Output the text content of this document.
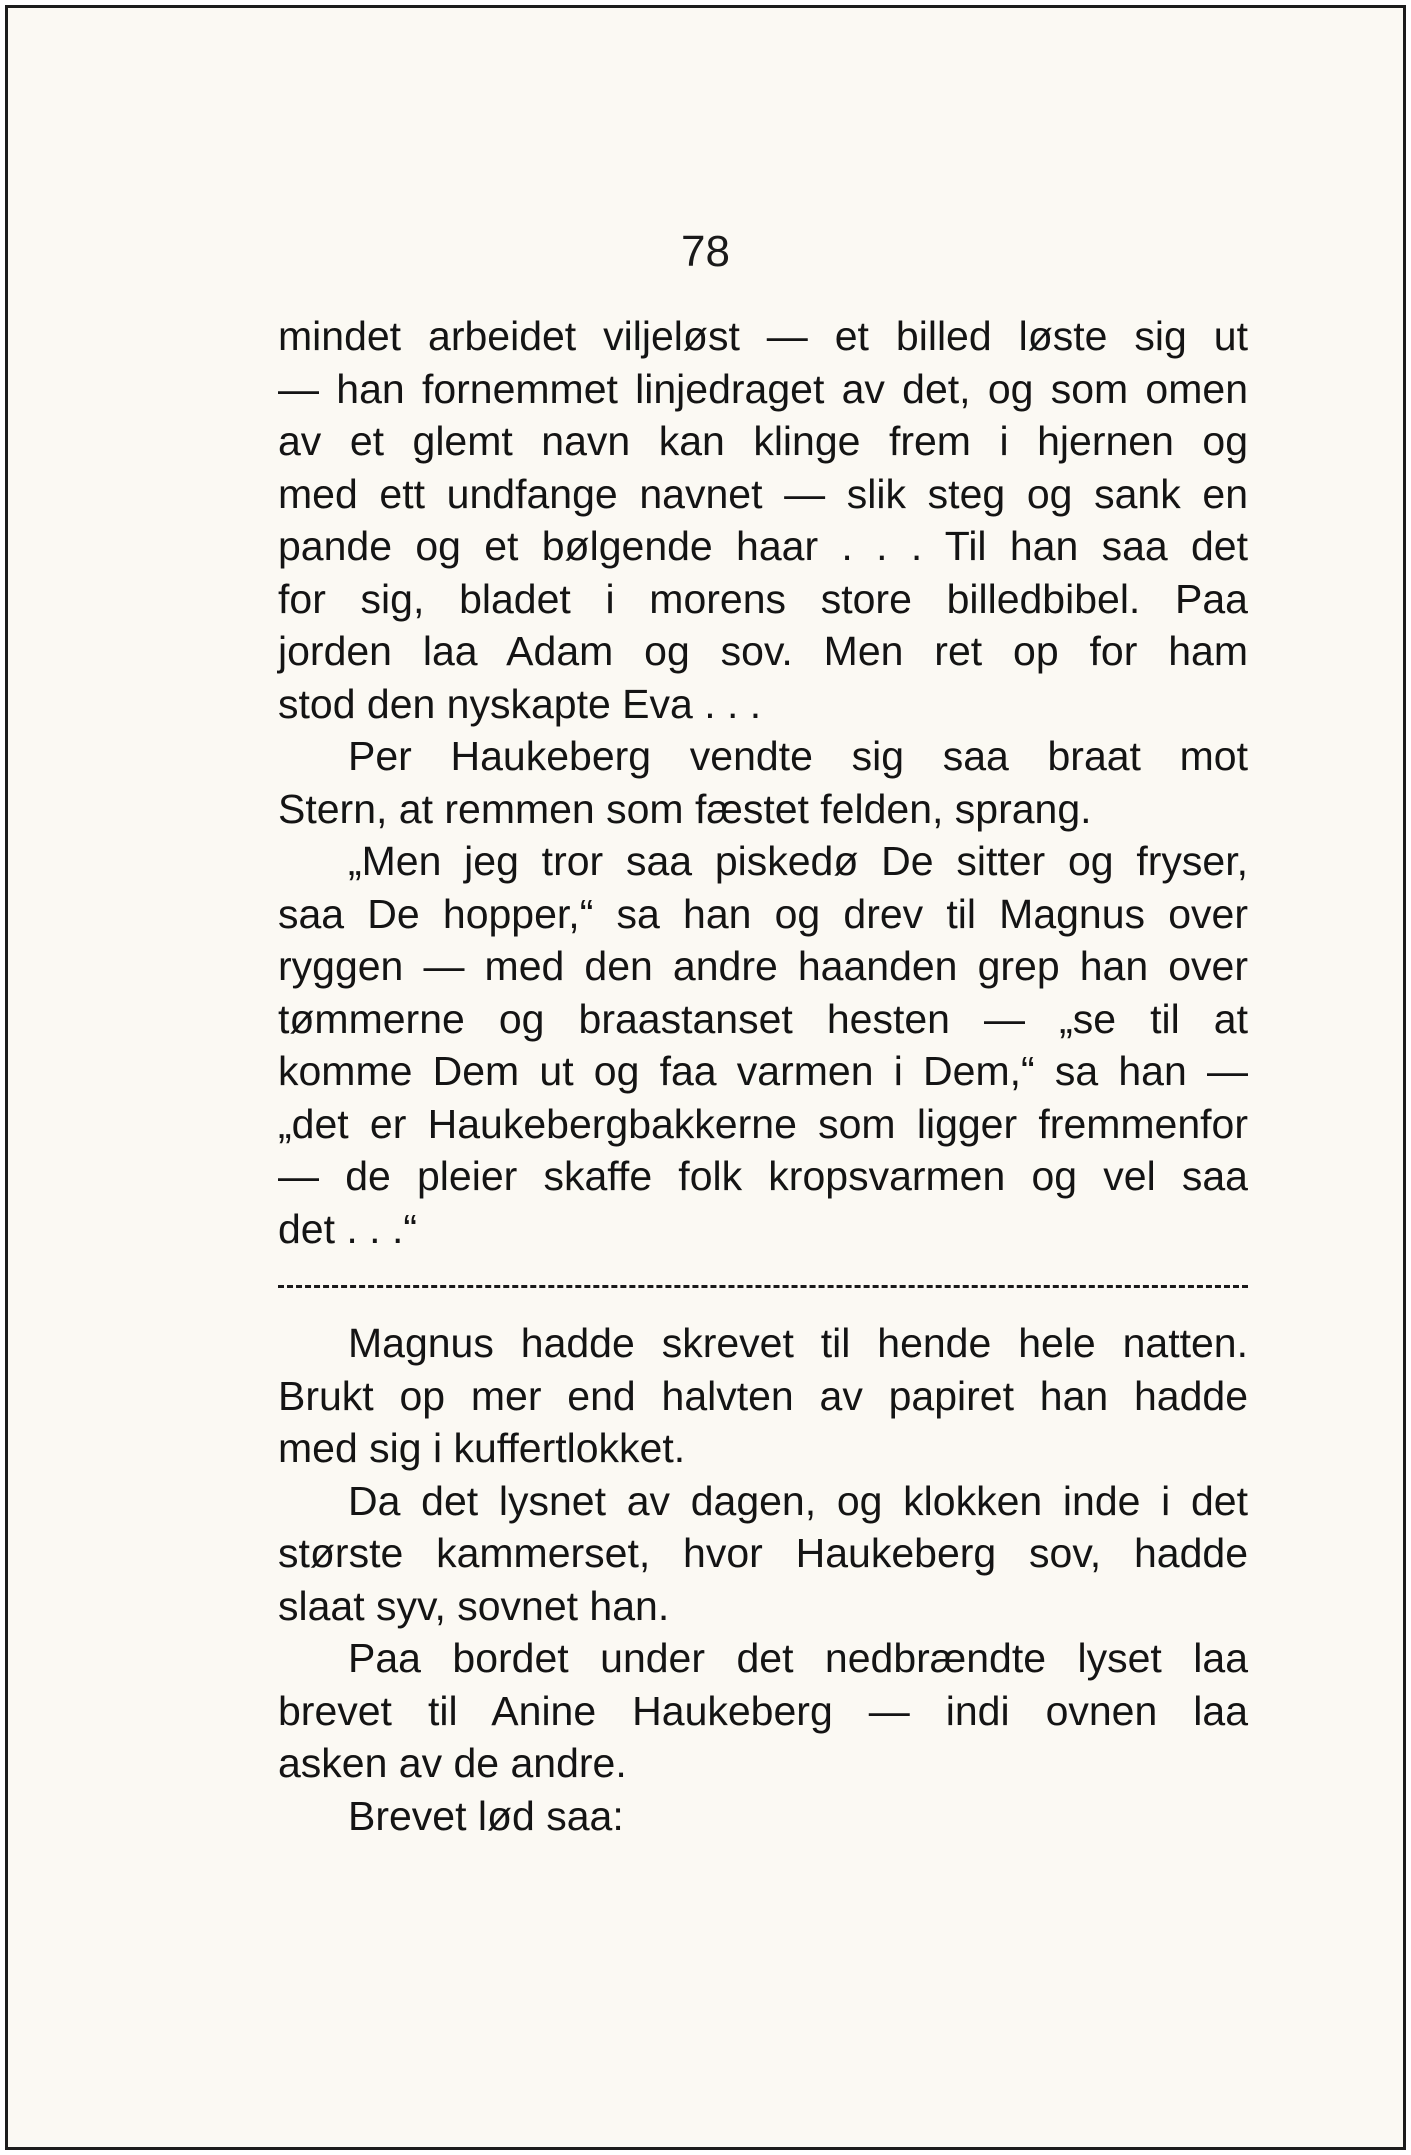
78
mindet arbeidet viljeløst — et billed løste sig ut
— han fornemmet linjedraget av det, og som omen
av et glemt navn kan klinge frem i hjernen og
med ett undfange navnet — slik steg og sank en
pande og et bølgende haar . . . Til han saa det
for sig, bladet i morens store billedbibel. Paa
jorden laa Adam og sov. Men ret op for ham
stod den nyskapte Eva . . .
Per Haukeberg vendte sig saa braat mot
Stern, at remmen som fæstet felden, sprang.
„Men jeg tror saa piskedø De sitter og fryser,
saa De hopper,“ sa han og drev til Magnus over
ryggen — med den andre haanden grep han over
tømmerne og braastanset hesten — „se til at
komme Dem ut og faa varmen i Dem,“ sa han —
„det er Haukebergbakkerne som ligger fremmenfor
— de pleier skaffe folk kropsvarmen og vel saa
det . . .“
Magnus hadde skrevet til hende hele natten.
Brukt op mer end halvten av papiret han hadde
med sig i kuffertlokket.
Da det lysnet av dagen, og klokken inde i det
største kammerset, hvor Haukeberg sov, hadde
slaat syv, sovnet han.
Paa bordet under det nedbrændte lyset laa
brevet til Anine Haukeberg — indi ovnen laa
asken av de andre.
Brevet lød saa:
